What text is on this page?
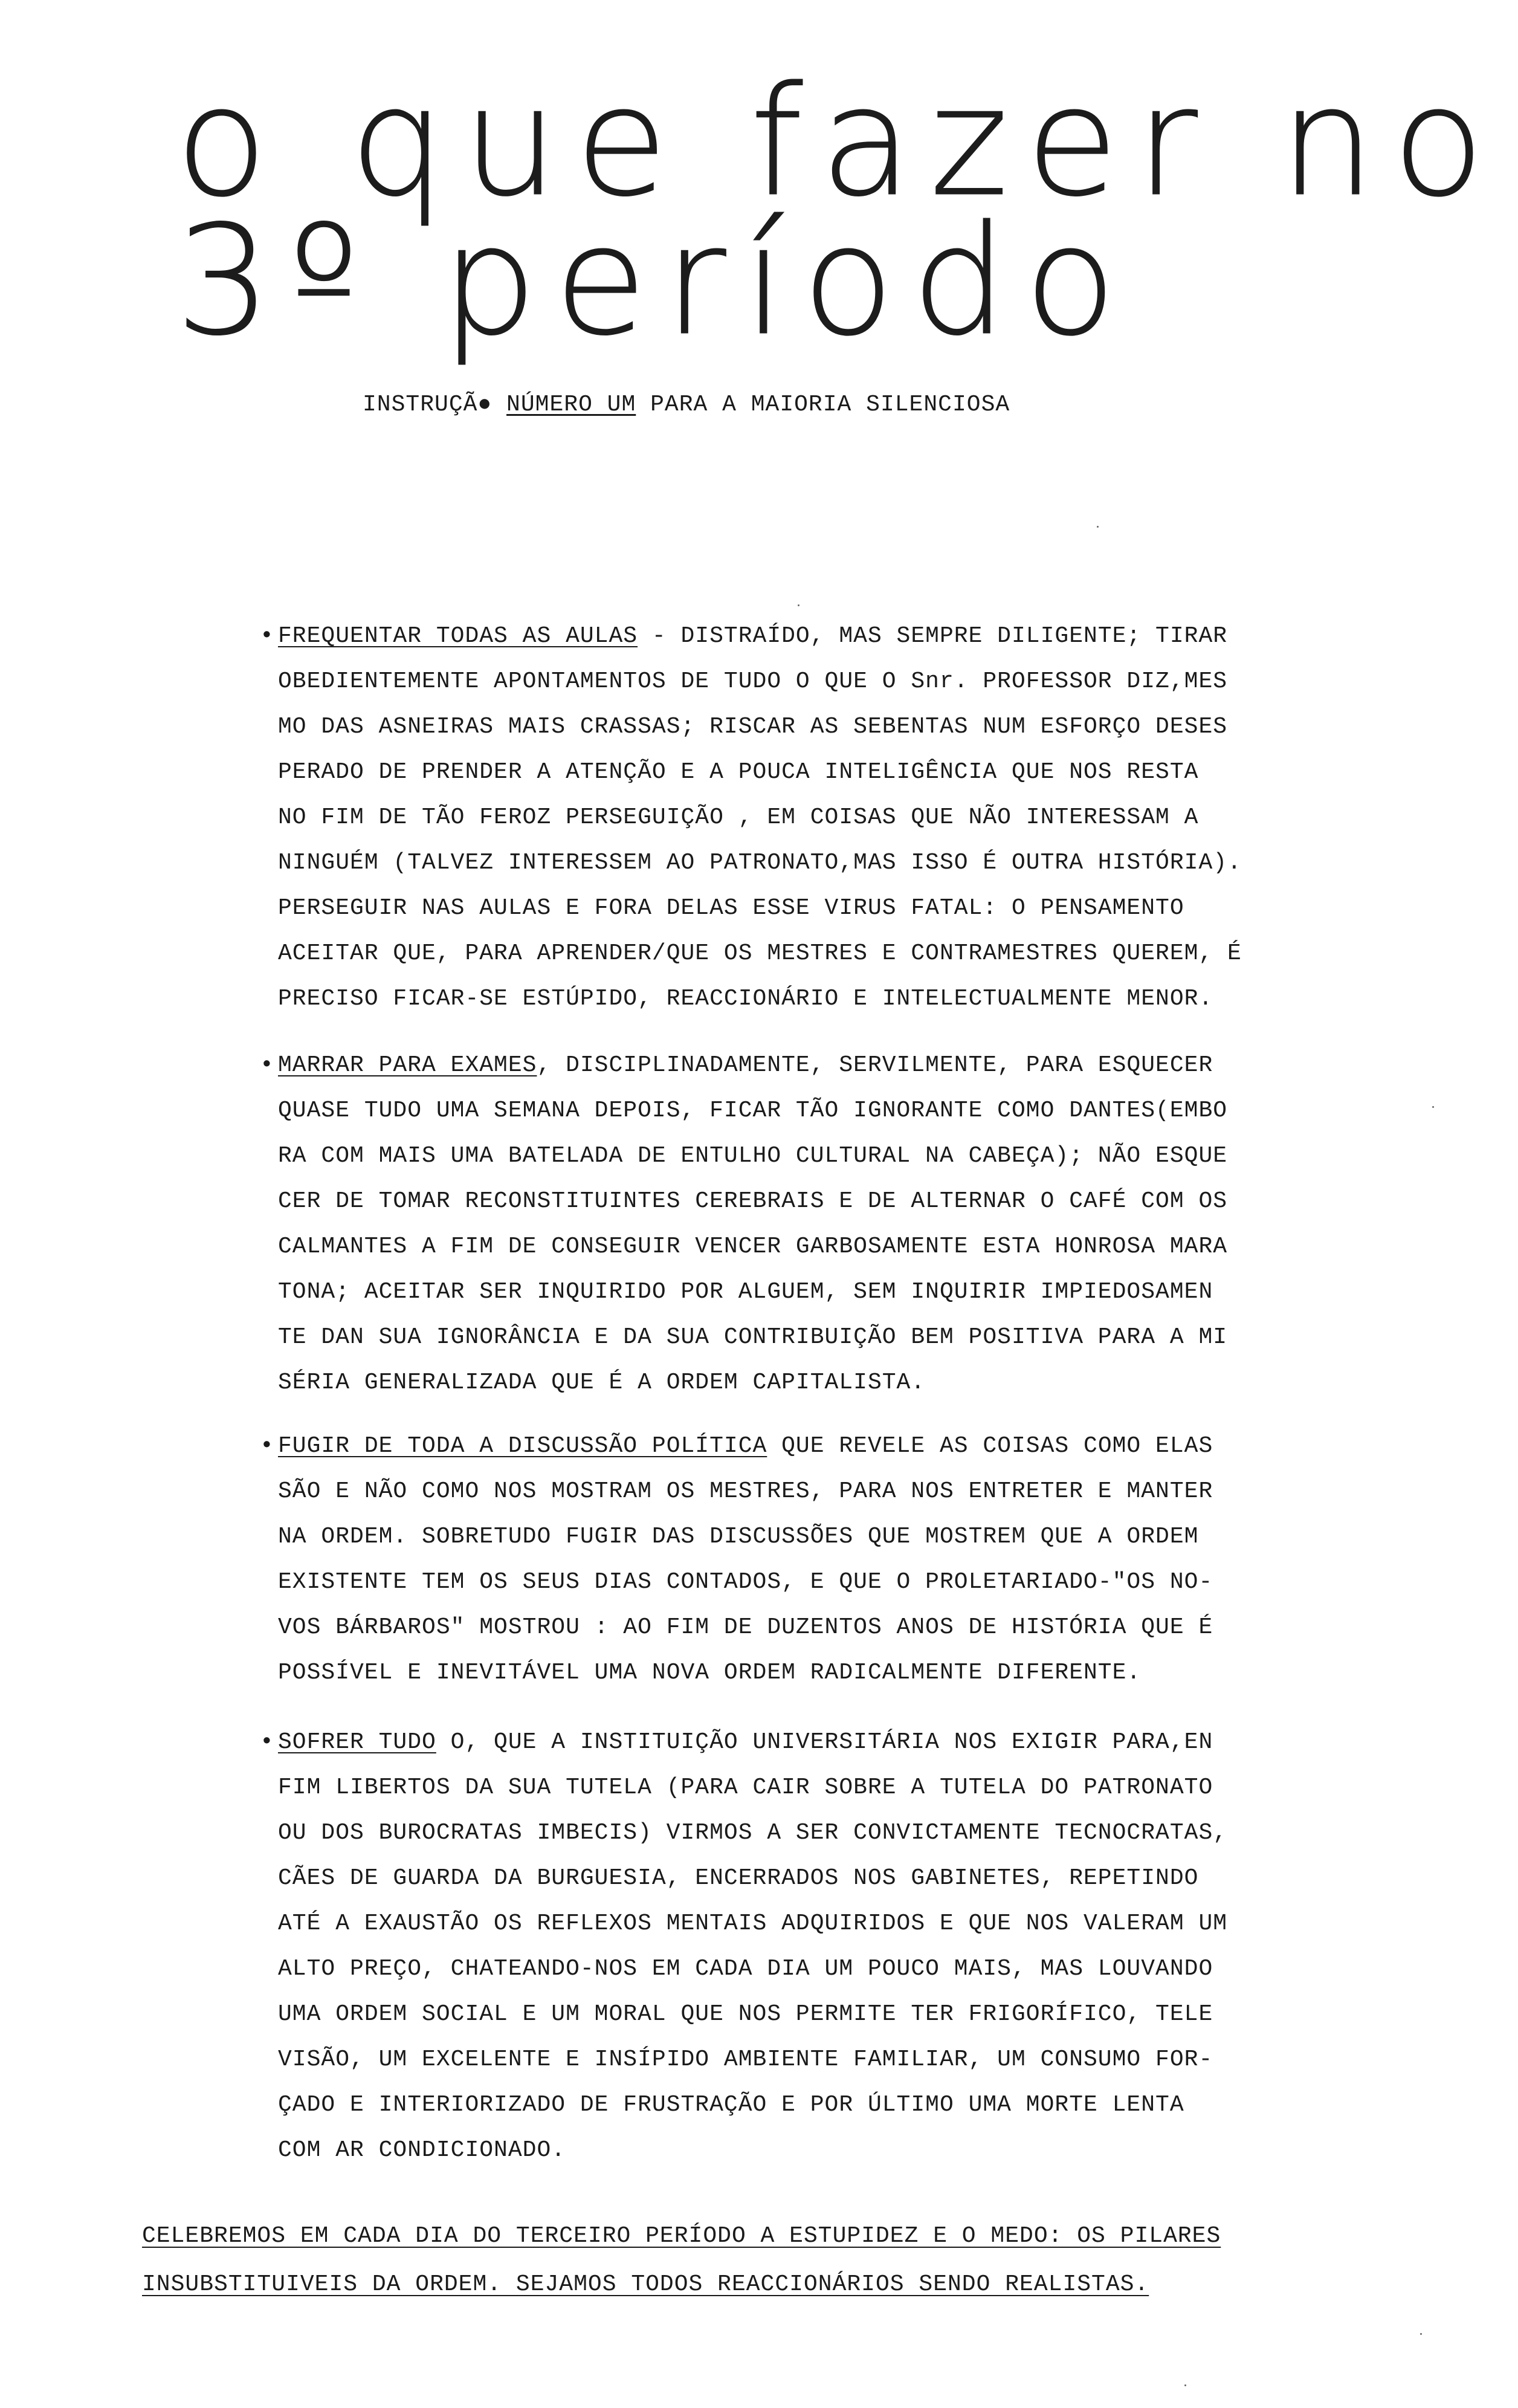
o que fazer no
3º período
INSTRUÇÃ● NÚMERO UM PARA A MAIORIA SILENCIOSA
• FREQUENTAR TODAS AS AULAS - DISTRAÍDO, MAS SEMPRE DILIGENTE; TIRAR
OBEDIENTEMENTE APONTAMENTOS DE TUDO O QUE O Snr. PROFESSOR DIZ,MES
MO DAS ASNEIRAS MAIS CRASSAS; RISCAR AS SEBENTAS NUM ESFORÇO DESES
PERADO DE PRENDER A ATENÇÃO E A POUCA INTELIGÊNCIA QUE NOS RESTA
NO FIM DE TÃO FEROZ PERSEGUIÇÃO , EM COISAS QUE NÃO INTERESSAM A
NINGUÉM (TALVEZ INTERESSEM AO PATRONATO,MAS ISSO É OUTRA HISTÓRIA).
PERSEGUIR NAS AULAS E FORA DELAS ESSE VIRUS FATAL: O PENSAMENTO
ACEITAR QUE, PARA APRENDER/QUE OS MESTRES E CONTRAMESTRES QUEREM, É
PRECISO FICAR-SE ESTÚPIDO, REACCIONÁRIO E INTELECTUALMENTE MENOR.
• MARRAR PARA EXAMES, DISCIPLINADAMENTE, SERVILMENTE, PARA ESQUECER
QUASE TUDO UMA SEMANA DEPOIS, FICAR TÃO IGNORANTE COMO DANTES(EMBO
RA COM MAIS UMA BATELADA DE ENTULHO CULTURAL NA CABEÇA); NÃO ESQUE
CER DE TOMAR RECONSTITUINTES CEREBRAIS E DE ALTERNAR O CAFÉ COM OS
CALMANTES A FIM DE CONSEGUIR VENCER GARBOSAMENTE ESTA HONROSA MARA
TONA; ACEITAR SER INQUIRIDO POR ALGUEM, SEM INQUIRIR IMPIEDOSAMEN
TE DAN SUA IGNORÂNCIA E DA SUA CONTRIBUIÇÃO BEM POSITIVA PARA A MI
SÉRIA GENERALIZADA QUE É A ORDEM CAPITALISTA.
• FUGIR DE TODA A DISCUSSÃO POLÍTICA QUE REVELE AS COISAS COMO ELAS
SÃO E NÃO COMO NOS MOSTRAM OS MESTRES, PARA NOS ENTRETER E MANTER
NA ORDEM. SOBRETUDO FUGIR DAS DISCUSSÕES QUE MOSTREM QUE A ORDEM
EXISTENTE TEM OS SEUS DIAS CONTADOS, E QUE O PROLETARIADO-"OS NO-
VOS BÁRBAROS" MOSTROU : AO FIM DE DUZENTOS ANOS DE HISTÓRIA QUE É
POSSÍVEL E INEVITÁVEL UMA NOVA ORDEM RADICALMENTE DIFERENTE.
• SOFRER TUDO O, QUE A INSTITUIÇÃO UNIVERSITÁRIA NOS EXIGIR PARA,EN
FIM LIBERTOS DA SUA TUTELA (PARA CAIR SOBRE A TUTELA DO PATRONATO
OU DOS BUROCRATAS IMBECIS) VIRMOS A SER CONVICTAMENTE TECNOCRATAS,
CÃES DE GUARDA DA BURGUESIA, ENCERRADOS NOS GABINETES, REPETINDO
ATÉ A EXAUSTÃO OS REFLEXOS MENTAIS ADQUIRIDOS E QUE NOS VALERAM UM
ALTO PREÇO, CHATEANDO-NOS EM CADA DIA UM POUCO MAIS, MAS LOUVANDO
UMA ORDEM SOCIAL E UM MORAL QUE NOS PERMITE TER FRIGORÍFICO, TELE
VISÃO, UM EXCELENTE E INSÍPIDO AMBIENTE FAMILIAR, UM CONSUMO FOR-
ÇADO E INTERIORIZADO DE FRUSTRAÇÃO E POR ÚLTIMO UMA MORTE LENTA
COM AR CONDICIONADO.
CELEBREMOS EM CADA DIA DO TERCEIRO PERÍODO A ESTUPIDEZ E O MEDO: OS PILARES
INSUBSTITUIVEIS DA ORDEM. SEJAMOS TODOS REACCIONÁRIOS SENDO REALISTAS.
